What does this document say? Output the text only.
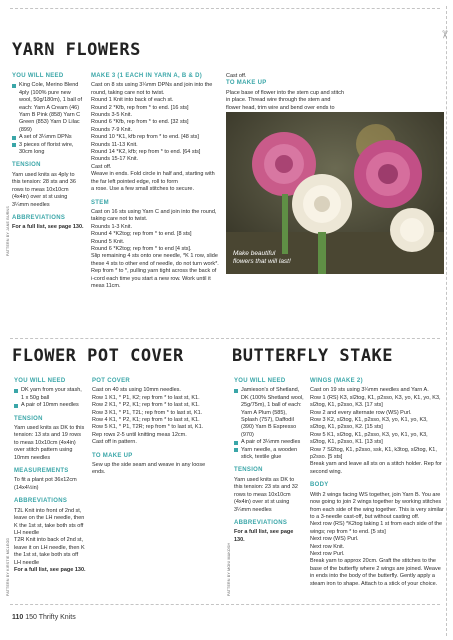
✂
YARN FLOWERS
PATTERN BY JANE BURNS
YOU WILL NEED
King Cole, Merino Blend 4ply (100% pure new wool, 50g/180m), 1 ball of each: Yarn A Cream (46) Yarn B Pink (858) Yarn C Green (853) Yarn D Lilac (899)
A set of 3¼mm DPNs
3 pieces of florist wire, 30cm long
TENSION
Yarn used knits as 4ply to this tension: 28 sts and 36 rows to meas 10x10cm (4x4in) over st st using 3¼mm needles
ABBREVIATIONS
For a full list, see page 130.
MAKE 3 (1 EACH IN YARN A, B & D)
Cast on 8 sts using 3¼mm DPNs and join into the round, taking care not to twist.
Round 1 Knit into back of each st.
Round 2 *Kfb, rep from * to end. [16 sts]
Rounds 3-5 Knit.
Round 6 *Kfb, rep from * to end. [32 sts]
Rounds 7-9 Knit.
Round 10 *K1, kfb rep from * to end. [48 sts]
Rounds 11-13 Knit.
Round 14 *K2, kfb; rep from * to end. [64 sts]
Rounds 15-17 Knit.
Cast off.
Weave in ends. Fold circle in half and, starting with the far left pointed edge, roll to form
a rose. Use a few small stitches to secure.
STEM
Cast on 16 sts using Yarn C and join into the round, taking care not to twist.
Rounds 1-3 Knit.
Round 4 *K2tog; rep from * to end. [8 sts]
Round 5 Knit.
Round 6 *K2tog; rep from * to end [4 sts].
Slip remaining 4 sts onto one needle, *K 1 row, slide these 4 sts to other end of needle, do not turn work*. Rep from * to *, pulling yarn tight across the back of i-cord each time you start a new row. Work until it meas 11cm.
Cast off.
TO MAKE UP
Place base of flower into the stem cup and stitch in place. Thread wire through the stem and flower head, trim wire and bend over ends to
Make beautiful flowers that will last!
FLOWER POT COVER
PATTERN BY KIRSTIE MCLEOD
YOU WILL NEED
DK yarn from your stash, 1 x 50g ball
A pair of 10mm needles
TENSION
Yarn used knits as DK to this tension: 13 sts and 19 rows to meas 10x10cm (4x4in) over stitch pattern using 10mm needles
MEASUREMENTS
To fit a plant pot 36x12cm (14x4½in)
ABBREVIATIONS
T2L Knit into front of 2nd st, leave on the LH needle, then K the 1st st, take both sts off LH needle
T2R Knit into back of 2nd st, leave it on LH needle, then K the 1st st, take both sts off LH needle
For a full list, see page 130.
POT COVER
Cast on 40 sts using 10mm needles.
Row 1 K1, * P1, K2; rep from * to last st, K1.
Row 2 K1, * P2, K1; rep from * to last st, K1.
Row 3 K1, * P1, T2L; rep from * to last st, K1.
Row 4 K1, * P2, K1; rep from * to last st, K1.
Row 5 K1, * P1, T2R; rep from * to last st, K1.
Rep rows 2-5 until knitting meas 12cm.
Cast off in pattern.
TO MAKE UP
Sew up the side seam and weave in any loose ends.
BUTTERFLY STAKE
PATTERN BY MONI MAKOSH
YOU WILL NEED
Jamieson's of Shetland, DK (100% Shetland wool, 25g/75m), 1 ball of each: Yarn A Plum (585), Splash (757), Daffodil (390) Yarn B Espresso (970)
A pair of 3¼mm needles
Yarn needle, a wooden stick, textile glue
TENSION
Yarn used knits as DK to this tension: 23 sts and 32 rows to meas 10x10cm (4x4in) over st st using 3¼mm needles
ABBREVIATIONS
For a full list, see page 130.
WINGS (MAKE 2)
Cast on 19 sts using 3¼mm needles and Yarn A.
Row 1 (RS) K3, sl2tog, K1, p2sso, K3, yo, K1, yo, K3, sl2tog, K1, p2sso, K3. [17 sts]
Row 2 and every alternate row (WS) Purl.
Row 3 K2, sl2tog, K1, p2sso, K3, yo, K1, yo, K3, sl2tog, K1, p2sso, K2. [15 sts]
Row 5 K1, sl2tog, K1, p2sso, K3, yo, K1, yo, K3, sl2tog, K1, p2sso, K1. [13 sts]
Row 7 Sl2tog, K1, p2sso, ssk, K1, k3tog, sl2tog, K1, p2sso. [5 sts]
Break yarn and leave all sts on a stitch holder. Rep for second wing.
BODY
With 2 wings facing WS together, join Yarn B. You are now going to join 2 wings together by working stitches from each side of the wing together. This is very similar to a 3-needle cast-off, but without casting off.
Next row (RS) *K2tog taking 1 st from each side of the wings; rep from * to end. [5 sts]
Next row (WS) Purl.
Next row Knit.
Next row Purl.
Break yarn to approx 20cm. Graft the stitches to the base of the butterfly where 2 wings are joined. Weave in ends into the body of the butterfly. Gently apply a steam iron to shape. Attach to a stick of your choice.
110 150 Thrifty Knits
